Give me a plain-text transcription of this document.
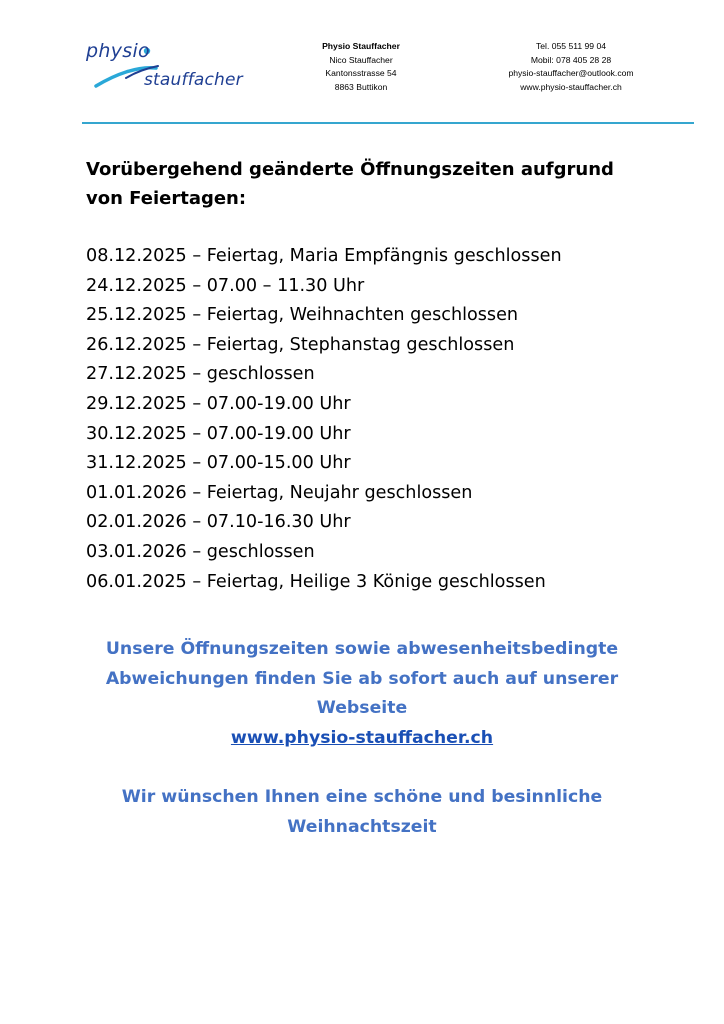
physio
stauffacher
Physio Stauffacher
Nico Stauffacher
Kantonsstrasse 54
8863 Buttikon
Tel. 055 511 99 04
Mobil: 078 405 28 28
physio-stauffacher@outlook.com
www.physio-stauffacher.ch

Vorübergehend geänderte Öffnungszeiten aufgrund
von Feiertagen:

08.12.2025 – Feiertag, Maria Empfängnis geschlossen
24.12.2025 – 07.00 – 11.30 Uhr
25.12.2025 – Feiertag, Weihnachten geschlossen
26.12.2025 – Feiertag, Stephanstag geschlossen
27.12.2025 – geschlossen
29.12.2025 – 07.00-19.00 Uhr
30.12.2025 – 07.00-19.00 Uhr
31.12.2025 – 07.00-15.00 Uhr
01.01.2026 – Feiertag, Neujahr geschlossen
02.01.2026 – 07.10-16.30 Uhr
03.01.2026 – geschlossen
06.01.2025 – Feiertag, Heilige 3 Könige geschlossen
Unsere Öffnungszeiten sowie abwesenheitsbedingte
Abweichungen finden Sie ab sofort auch auf unserer
Webseite
www.physio-stauffacher.ch
Wir wünschen Ihnen eine schöne und besinnliche
Weihnachtszeit
